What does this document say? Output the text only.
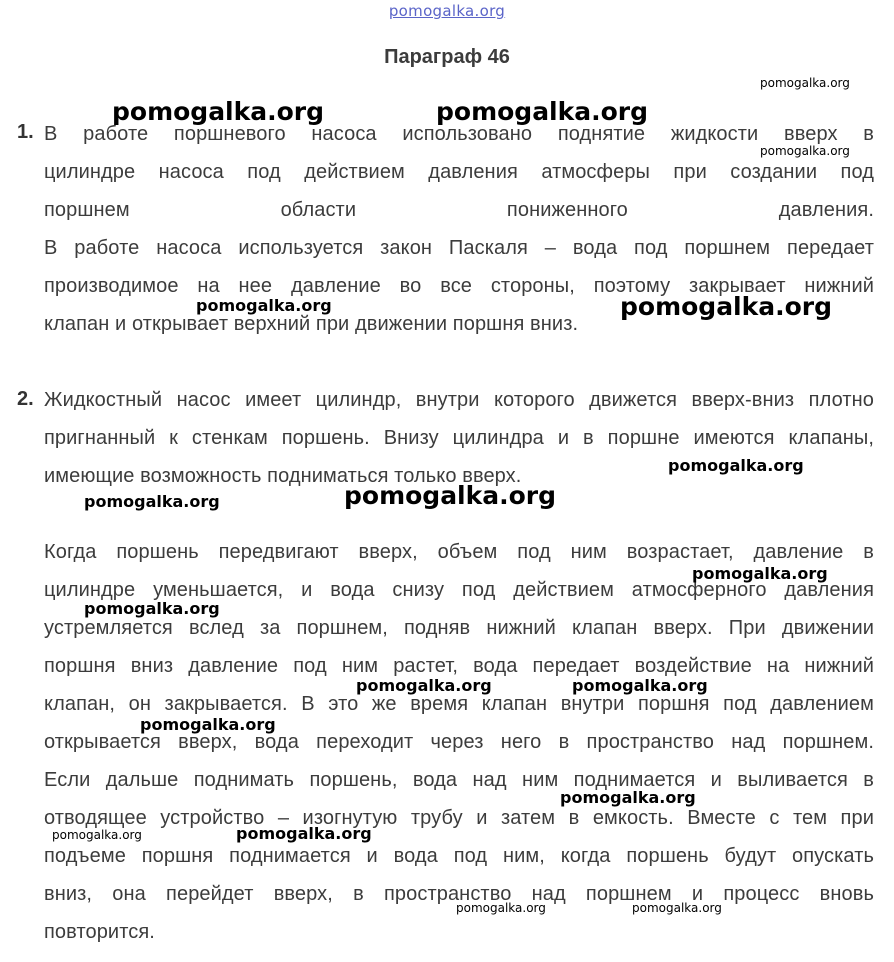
pomogalka.org
Параграф 46
1. В работе поршневого насоса использовано поднятие жидкости вверх в
цилиндре насоса под действием давления атмосферы при создании под
поршнем области пониженного давления.
В работе насоса используется закон Паскаля – вода под поршнем передает
производимое на нее давление во все стороны, поэтому закрывает нижний
клапан и открывает верхний при движении поршня вниз.
2. Жидкостный насос имеет цилиндр, внутри которого движется вверх-вниз плотно
пригнанный к стенкам поршень. Внизу цилиндра и в поршне имеются клапаны,
имеющие возможность подниматься только вверх.
Когда поршень передвигают вверх, объем под ним возрастает, давление в
цилиндре уменьшается, и вода снизу под действием атмосферного давления
устремляется вслед за поршнем, подняв нижний клапан вверх. При движении
поршня вниз давление под ним растет, вода передает воздействие на нижний
клапан, он закрывается. В это же время клапан внутри поршня под давлением
открывается вверх, вода переходит через него в пространство над поршнем.
Если дальше поднимать поршень, вода над ним поднимается и выливается в
отводящее устройство – изогнутую трубу и затем в емкость. Вместе с тем при
подъеме поршня поднимается и вода под ним, когда поршень будут опускать
вниз, она перейдет вверх, в пространство над поршнем и процесс вновь
повторится.
pomogalka.org
pomogalka.org	pomogalka.org
pomogalka.org
pomogalka.org	pomogalka.org
pomogalka.org
pomogalka.org	pomogalka.org
pomogalka.org
pomogalka.org
pomogalka.org	pomogalka.org
pomogalka.org
pomogalka.org
pomogalka.org	pomogalka.org
pomogalka.org	pomogalka.org
